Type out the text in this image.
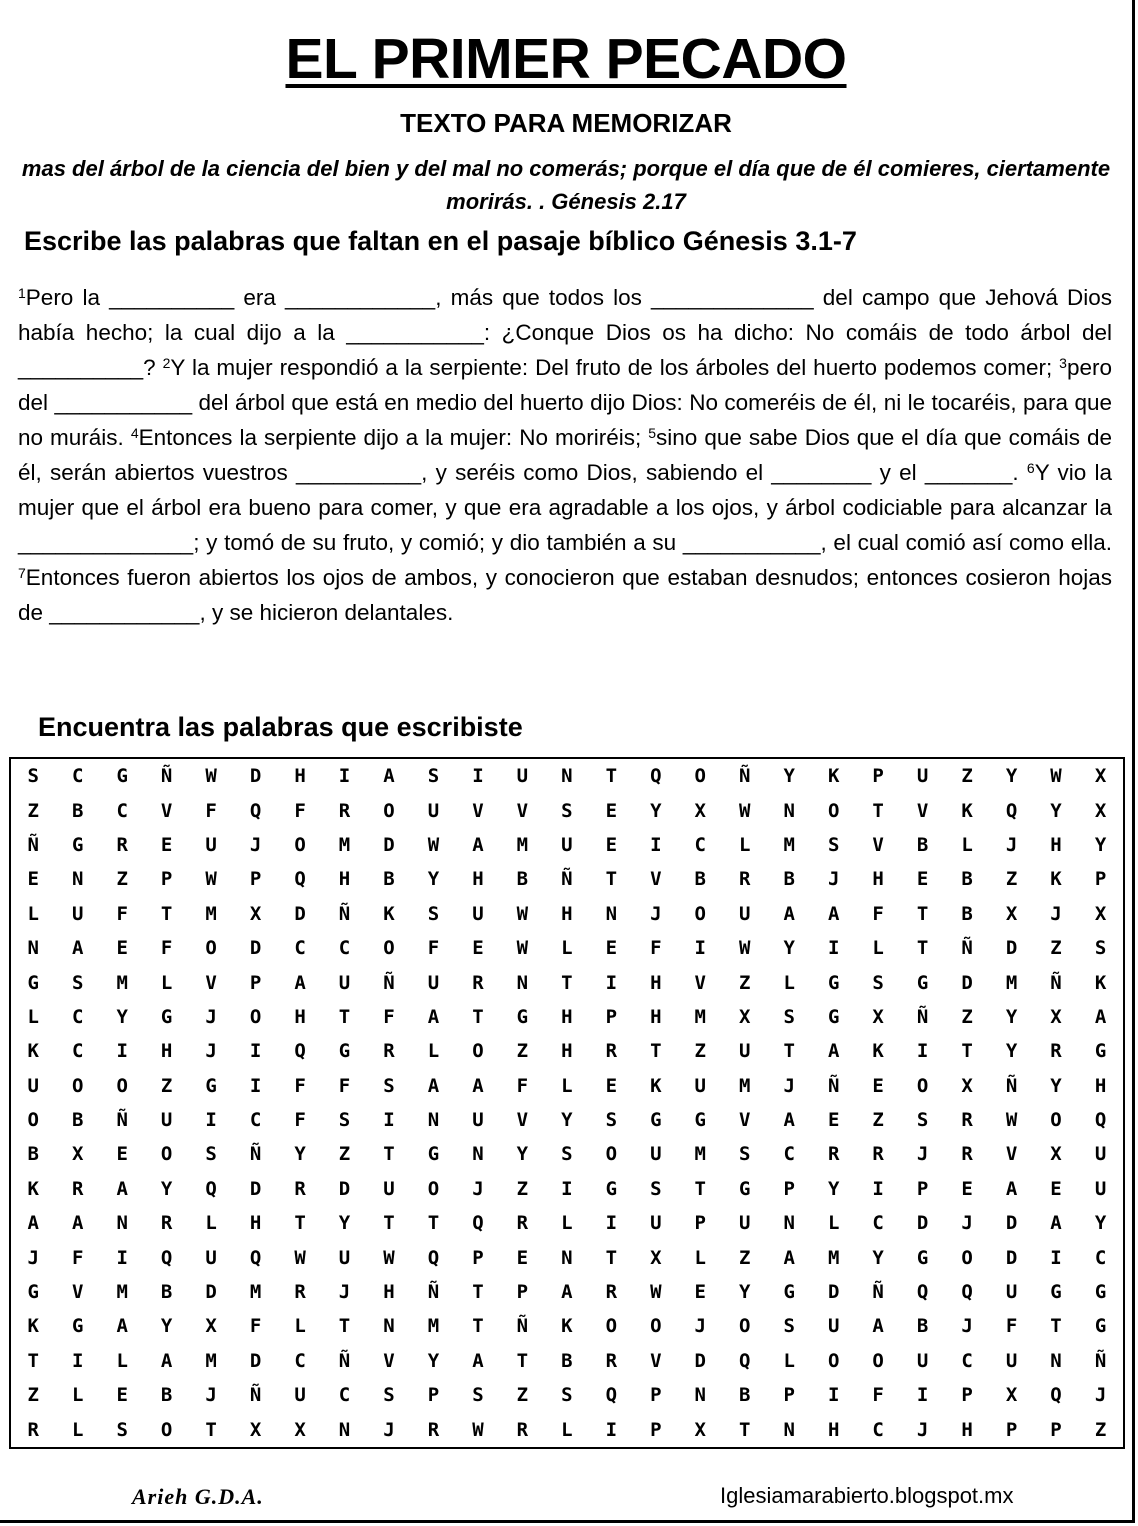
EL PRIMER PECADO
TEXTO PARA MEMORIZAR
mas del árbol de la ciencia del bien y del mal no comerás; porque el día que de él comieres, ciertamente morirás. . Génesis 2.17
Escribe las palabras que faltan en el pasaje bíblico Génesis 3.1-7
$^1$Pero la __________ era ____________, más que todos los _____________ del campo que Jehová Dios había hecho; la cual dijo a la ___________: ¿Conque Dios os ha dicho: No comáis de todo árbol del __________? $^2$Y la mujer respondió a la serpiente: Del fruto de los árboles del huerto podemos comer; $^3$pero del ___________ del árbol que está en medio del huerto dijo Dios: No comeréis de él, ni le tocaréis, para que no muráis. $^4$Entonces la serpiente dijo a la mujer: No moriréis; $^5$sino que sabe Dios que el día que comáis de él, serán abiertos vuestros __________, y seréis como Dios, sabiendo el ________ y el _______. $^6$Y vio la mujer que el árbol era bueno para comer, y que era agradable a los ojos, y árbol codiciable para alcanzar la ______________; y tomó de su fruto, y comió; y dio también a su ___________, el cual comió así como ella. $^7$Entonces fueron abiertos los ojos de ambos, y conocieron que estaban desnudos; entonces cosieron hojas de ____________, y se hicieron delantales.
Encuentra las palabras que escribiste
S	C	G	Ñ	W	D	H	I	A	S	I	U	N	T	Q	O	Ñ	Y	K	P	U	Z	Y	W	X
Z	B	C	V	F	Q	F	R	O	U	V	V	S	E	Y	X	W	N	O	T	V	K	Q	Y	X
Ñ	G	R	E	U	J	O	M	D	W	A	M	U	E	I	C	L	M	S	V	B	L	J	H	Y
E	N	Z	P	W	P	Q	H	B	Y	H	B	Ñ	T	V	B	R	B	J	H	E	B	Z	K	P
L	U	F	T	M	X	D	Ñ	K	S	U	W	H	N	J	O	U	A	A	F	T	B	X	J	X
N	A	E	F	O	D	C	C	O	F	E	W	L	E	F	I	W	Y	I	L	T	Ñ	D	Z	S
G	S	M	L	V	P	A	U	Ñ	U	R	N	T	I	H	V	Z	L	G	S	G	D	M	Ñ	K
L	C	Y	G	J	O	H	T	F	A	T	G	H	P	H	M	X	S	G	X	Ñ	Z	Y	X	A
K	C	I	H	J	I	Q	G	R	L	O	Z	H	R	T	Z	U	T	A	K	I	T	Y	R	G
U	O	O	Z	G	I	F	F	S	A	A	F	L	E	K	U	M	J	Ñ	E	O	X	Ñ	Y	H
O	B	Ñ	U	I	C	F	S	I	N	U	V	Y	S	G	G	V	A	E	Z	S	R	W	O	Q
B	X	E	O	S	Ñ	Y	Z	T	G	N	Y	S	O	U	M	S	C	R	R	J	R	V	X	U
K	R	A	Y	Q	D	R	D	U	O	J	Z	I	G	S	T	G	P	Y	I	P	E	A	E	U
A	A	N	R	L	H	T	Y	T	T	Q	R	L	I	U	P	U	N	L	C	D	J	D	A	Y
J	F	I	Q	U	Q	W	U	W	Q	P	E	N	T	X	L	Z	A	M	Y	G	O	D	I	C
G	V	M	B	D	M	R	J	H	Ñ	T	P	A	R	W	E	Y	G	D	Ñ	Q	Q	U	G	G
K	G	A	Y	X	F	L	T	N	M	T	Ñ	K	O	O	J	O	S	U	A	B	J	F	T	G
T	I	L	A	M	D	C	Ñ	V	Y	A	T	B	R	V	D	Q	L	O	O	U	C	U	N	Ñ
Z	L	E	B	J	Ñ	U	C	S	P	S	Z	S	Q	P	N	B	P	I	F	I	P	X	Q	J
R	L	S	O	T	X	X	N	J	R	W	R	L	I	P	X	T	N	H	C	J	H	P	P	Z
Arieh G.D.A.	Iglesiamarabierto.blogspot.mx
